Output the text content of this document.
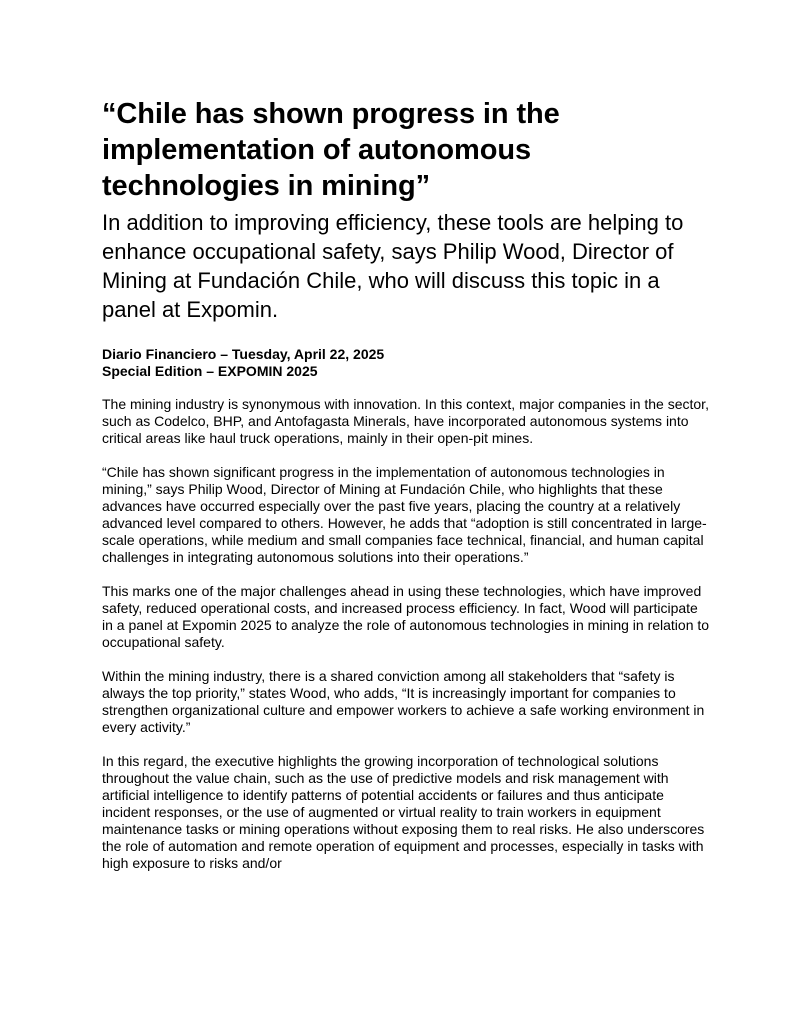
“Chile has shown progress in the implementation of autonomous technologies in mining”
In addition to improving efficiency, these tools are helping to enhance occupational safety, says Philip Wood, Director of Mining at Fundación Chile, who will discuss this topic in a panel at Expomin.
Diario Financiero – Tuesday, April 22, 2025
Special Edition – EXPOMIN 2025

The mining industry is synonymous with innovation. In this context, major companies in the sector, such as Codelco, BHP, and Antofagasta Minerals, have incorporated autonomous systems into critical areas like haul truck operations, mainly in their open-pit mines.

“Chile has shown significant progress in the implementation of autonomous technologies in mining,” says Philip Wood, Director of Mining at Fundación Chile, who highlights that these advances have occurred especially over the past five years, placing the country at a relatively advanced level compared to others. However, he adds that “adoption is still concentrated in large-scale operations, while medium and small companies face technical, financial, and human capital challenges in integrating autonomous solutions into their operations.”

This marks one of the major challenges ahead in using these technologies, which have improved safety, reduced operational costs, and increased process efficiency. In fact, Wood will participate in a panel at Expomin 2025 to analyze the role of autonomous technologies in mining in relation to occupational safety.

Within the mining industry, there is a shared conviction among all stakeholders that “safety is always the top priority,” states Wood, who adds, “It is increasingly important for companies to strengthen organizational culture and empower workers to achieve a safe working environment in every activity.”

In this regard, the executive highlights the growing incorporation of technological solutions throughout the value chain, such as the use of predictive models and risk management with artificial intelligence to identify patterns of potential accidents or failures and thus anticipate incident responses, or the use of augmented or virtual reality to train workers in equipment maintenance tasks or mining operations without exposing them to real risks. He also underscores the role of automation and remote operation of equipment and processes, especially in tasks with high exposure to risks and/or
